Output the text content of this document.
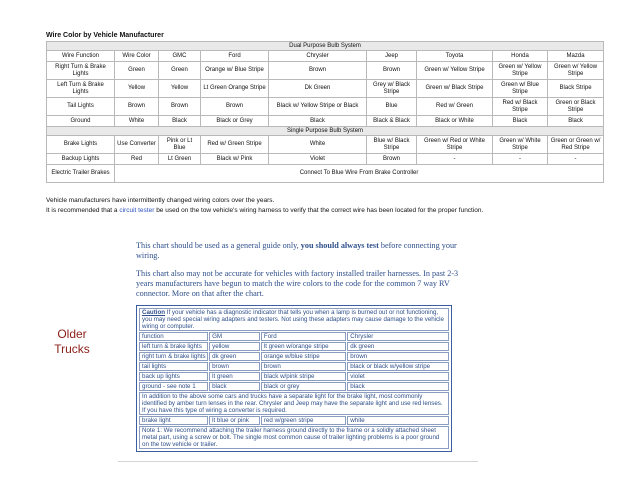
Wire Color by Vehicle Manufacturer
Dual Purpose Bulb System								
Wire Function	Wire Color	GMC	Ford	Chrysler	Jeep	Toyota	Honda	Mazda
Right Turn & Brake Lights	Green	Green	Orange w/ Blue Stripe	Brown	Brown	Green w/ Yellow Stripe	Green w/ Yellow Stripe	Green w/ Yellow Stripe
Left Turn & Brake Lights	Yellow	Yellow	Lt Green Orange Stripe	Dk Green	Grey w/ Black Stripe	Green w/ Black Stripe	Green w/ Blue Stripe	Black Stripe
Tail Lights	Brown	Brown	Brown	Black w/ Yellow Stripe or Black	Blue	Red w/ Green	Red w/ Black Stripe	Green or Black Stripe
Ground	White	Black	Black or Grey	Black	Black & Black	Black or White	Black	Black
Single Purpose Bulb System								
Brake Lights	Use Converter	Pink or Lt Blue	Red w/ Green Stripe	White	Blue w/ Black Stripe	Green w/ Red or White Stripe	Green w/ White Stripe	Green or Green w/ Red Stripe
Backup Lights	Red	Lt Green	Black w/ Pink	Violet	Brown	-	-	-
Electric Trailer Brakes	Connect To Blue Wire From Brake Controller							
Vehicle manufacturers have intermittently changed wiring colors over the years.
It is recommended that a circuit tester be used on the tow vehicle's wiring harness to verify that the correct wire has been located for the proper function.

This chart should be used as a general guide only, you should always test before connecting your wiring.

This chart also may not be accurate for vehicles with factory installed trailer harnesses. In past 2-3 years manufacturers have begun to match the wire colors to the code for the common 7 way RV connector. More on that after the chart.

Older Trucks
Caution If your vehicle has a diagnostic indicator that tells you when a lamp is burned out or not functioning, you may need special wiring adapters and testers. Not using these adapters may cause damage to the vehicle wiring or computer.			
function	GM	Ford	Chrysler
left turn & brake lights	yellow	lt green w/orange stripe	dk green
right turn & brake lights	dk green	orange w/blue stripe	brown
tail lights	brown	brown	black or black w/yellow stripe
back up lights	lt green	black w/pink stripe	violet
ground - see note 1	black	black or grey	black
In addition to the above some cars and trucks have a separate light for the brake light, most commonly identified by amber turn lenses in the rear. Chrysler and Jeep may have the separate light and use red lenses. If you have this type of wiring a converter is required.			
brake light	lt blue or pink	red w/green stripe	white
Note 1: We recommend attaching the trailer harness ground directly to the frame or a solidly attached sheet metal part, using a screw or bolt. The single most common cause of trailer lighting problems is a poor ground on the tow vehicle or trailer.			
